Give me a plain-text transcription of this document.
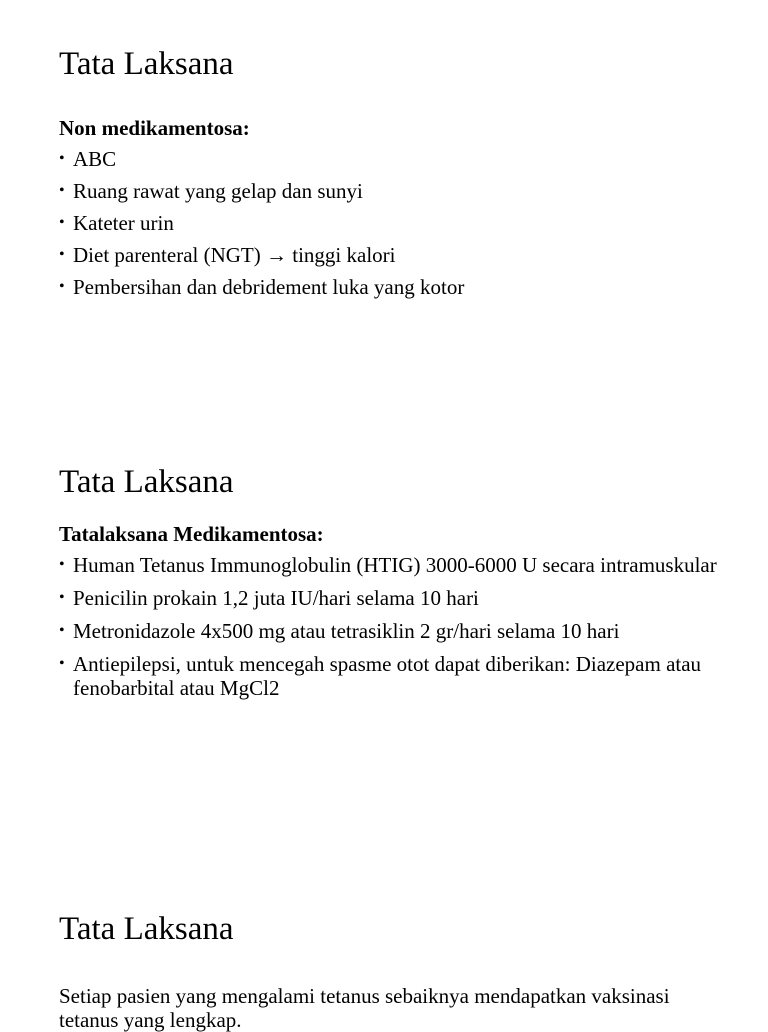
Tata Laksana

Non medikamentosa:

• ABC
• Ruang rawat yang gelap dan sunyi
• Kateter urin
• Diet parenteral (NGT) → tinggi kalori
• Pembersihan dan debridement luka yang kotor
Tata Laksana

Tatalaksana Medikamentosa:

• Human Tetanus Immunoglobulin (HTIG) 3000-6000 U secara intramuskular
• Penicilin prokain 1,2 juta IU/hari selama 10 hari
• Metronidazole 4x500 mg atau tetrasiklin 2 gr/hari selama 10 hari
• Antiepilepsi, untuk mencegah spasme otot dapat diberikan: Diazepam atau fenobarbital atau MgCl2
Tata Laksana

Setiap pasien yang mengalami tetanus sebaiknya mendapatkan vaksinasi tetanus yang lengkap.
